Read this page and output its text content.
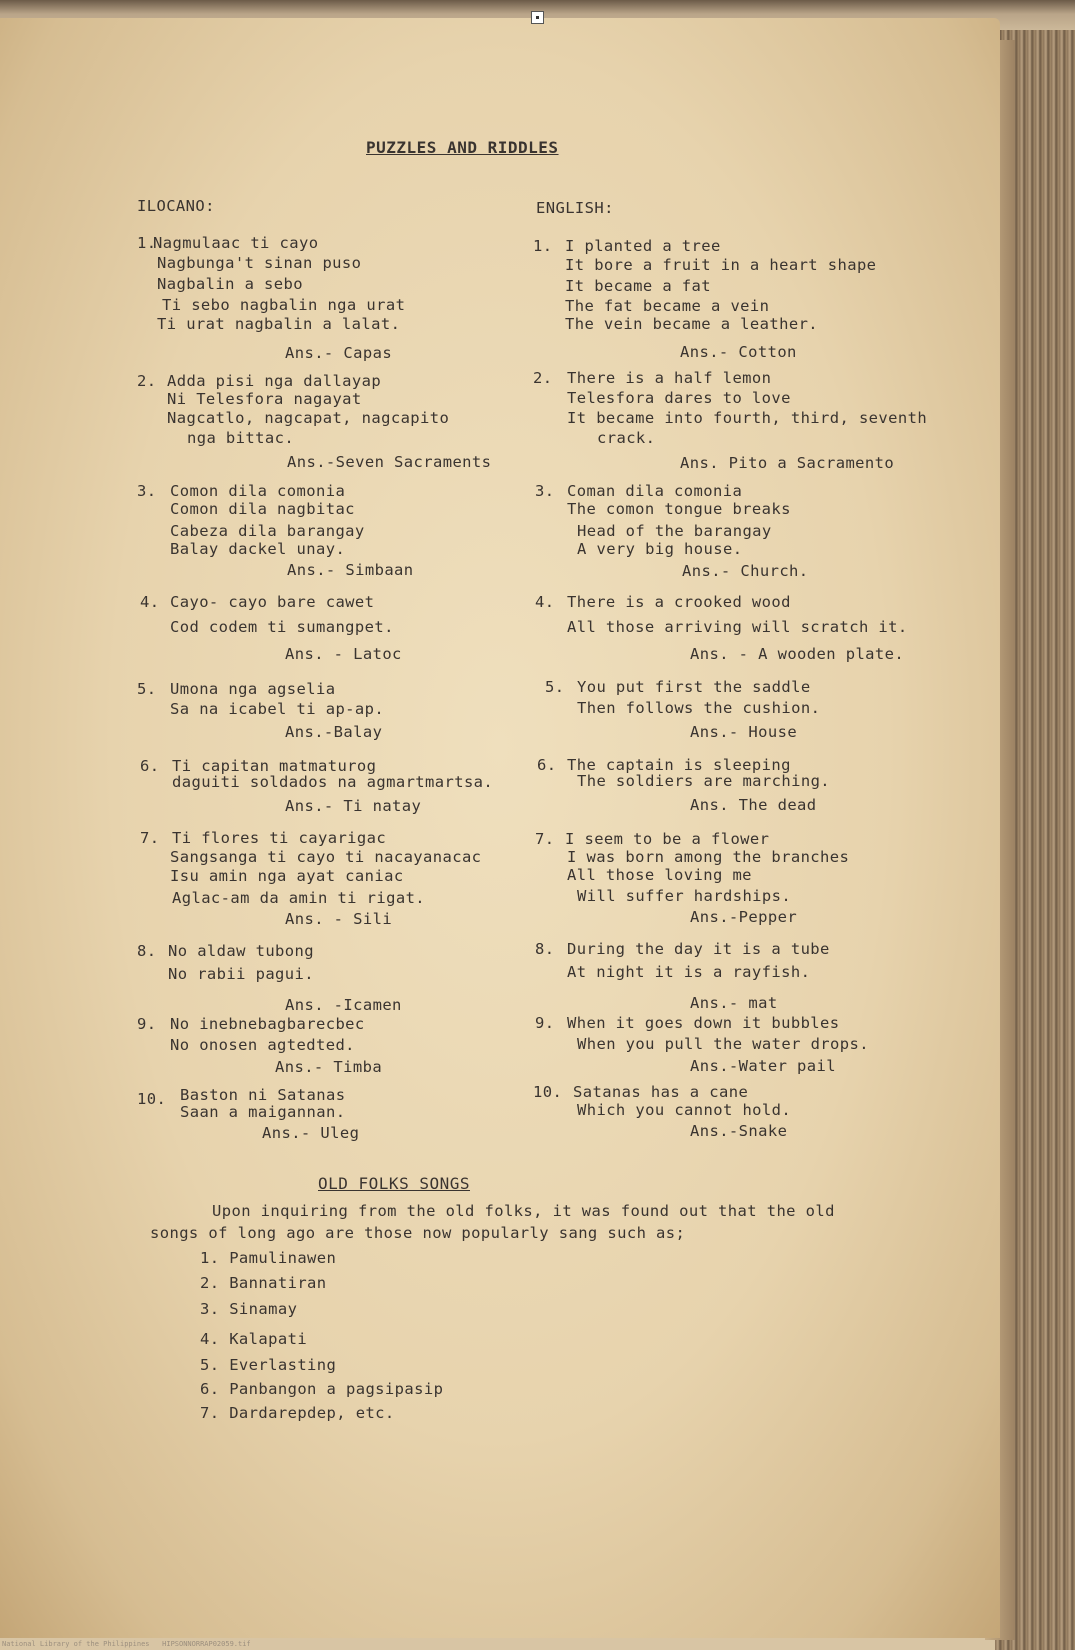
PUZZLES AND RIDDLES
ILOCANO:	ENGLISH:
1.
Nagmulaac ti cayo
Nagbunga't sinan puso
Nagbalin a sebo
Ti sebo nagbalin nga urat
Ti urat nagbalin a lalat.
Ans.- Capas
1. I planted a tree
It bore a fruit in a heart shape
It became a fat
The fat became a vein
The vein became a leather.
Ans.- Cotton
2. Adda pisi nga dallayap
Ni Telesfora nagayat
Nagcatlo, nagcapat, nagcapito
nga bittac.
Ans.-Seven Sacraments
2. There is a half lemon
Telesfora dares to love
It became into fourth, third, seventh
crack.
Ans. Pito a Sacramento
3. Comon dila comonia
Comon dila nagbitac
Cabeza dila barangay
Balay dackel unay.
Ans.- Simbaan
3. Coman dila comonia
The comon tongue breaks
Head of the barangay
A very big house.
Ans.- Church.
4. Cayo- cayo bare cawet
Cod codem ti sumangpet.
Ans. - Latoc
4. There is a crooked wood
All those arriving will scratch it.
Ans. - A wooden plate.
5. Umona nga agselia
Sa na icabel ti ap-ap.
Ans.-Balay
5. You put first the saddle
Then follows the cushion.
Ans.- House
6. Ti capitan matmaturog
daguiti soldados na agmartmartsa.
Ans.- Ti natay
6. The captain is sleeping
The soldiers are marching.
Ans. The dead
7. Ti flores ti cayarigac
Sangsanga ti cayo ti nacayanacac
Isu amin nga ayat caniac
Aglac-am da amin ti rigat.
Ans. - Sili
7. I seem to be a flower
I was born among the branches
All those loving me
Will suffer hardships.
Ans.-Pepper
8. No aldaw tubong
No rabii pagui.
Ans. -Icamen
8. During the day it is a tube
At night it is a rayfish.
Ans.- mat
9. No inebnebagbarecbec
No onosen agtedted.
Ans.- Timba
9. When it goes down it bubbles
When you pull the water drops.
Ans.-Water pail
10. Baston ni Satanas
Saan a maigannan.
Ans.- Uleg
10. Satanas has a cane
Which you cannot hold.
Ans.-Snake
OLD FOLKS SONGS
Upon inquiring from the old folks, it was found out that the old
songs of long ago are those now popularly sang such as;
1. Pamulinawen
2. Bannatiran
3. Sinamay
4. Kalapati
5. Everlasting
6. Panbangon a pagsipasip
7. Dardarepdep, etc.
National Library of the Philippines   HIPSONNORRAP02059.tif
